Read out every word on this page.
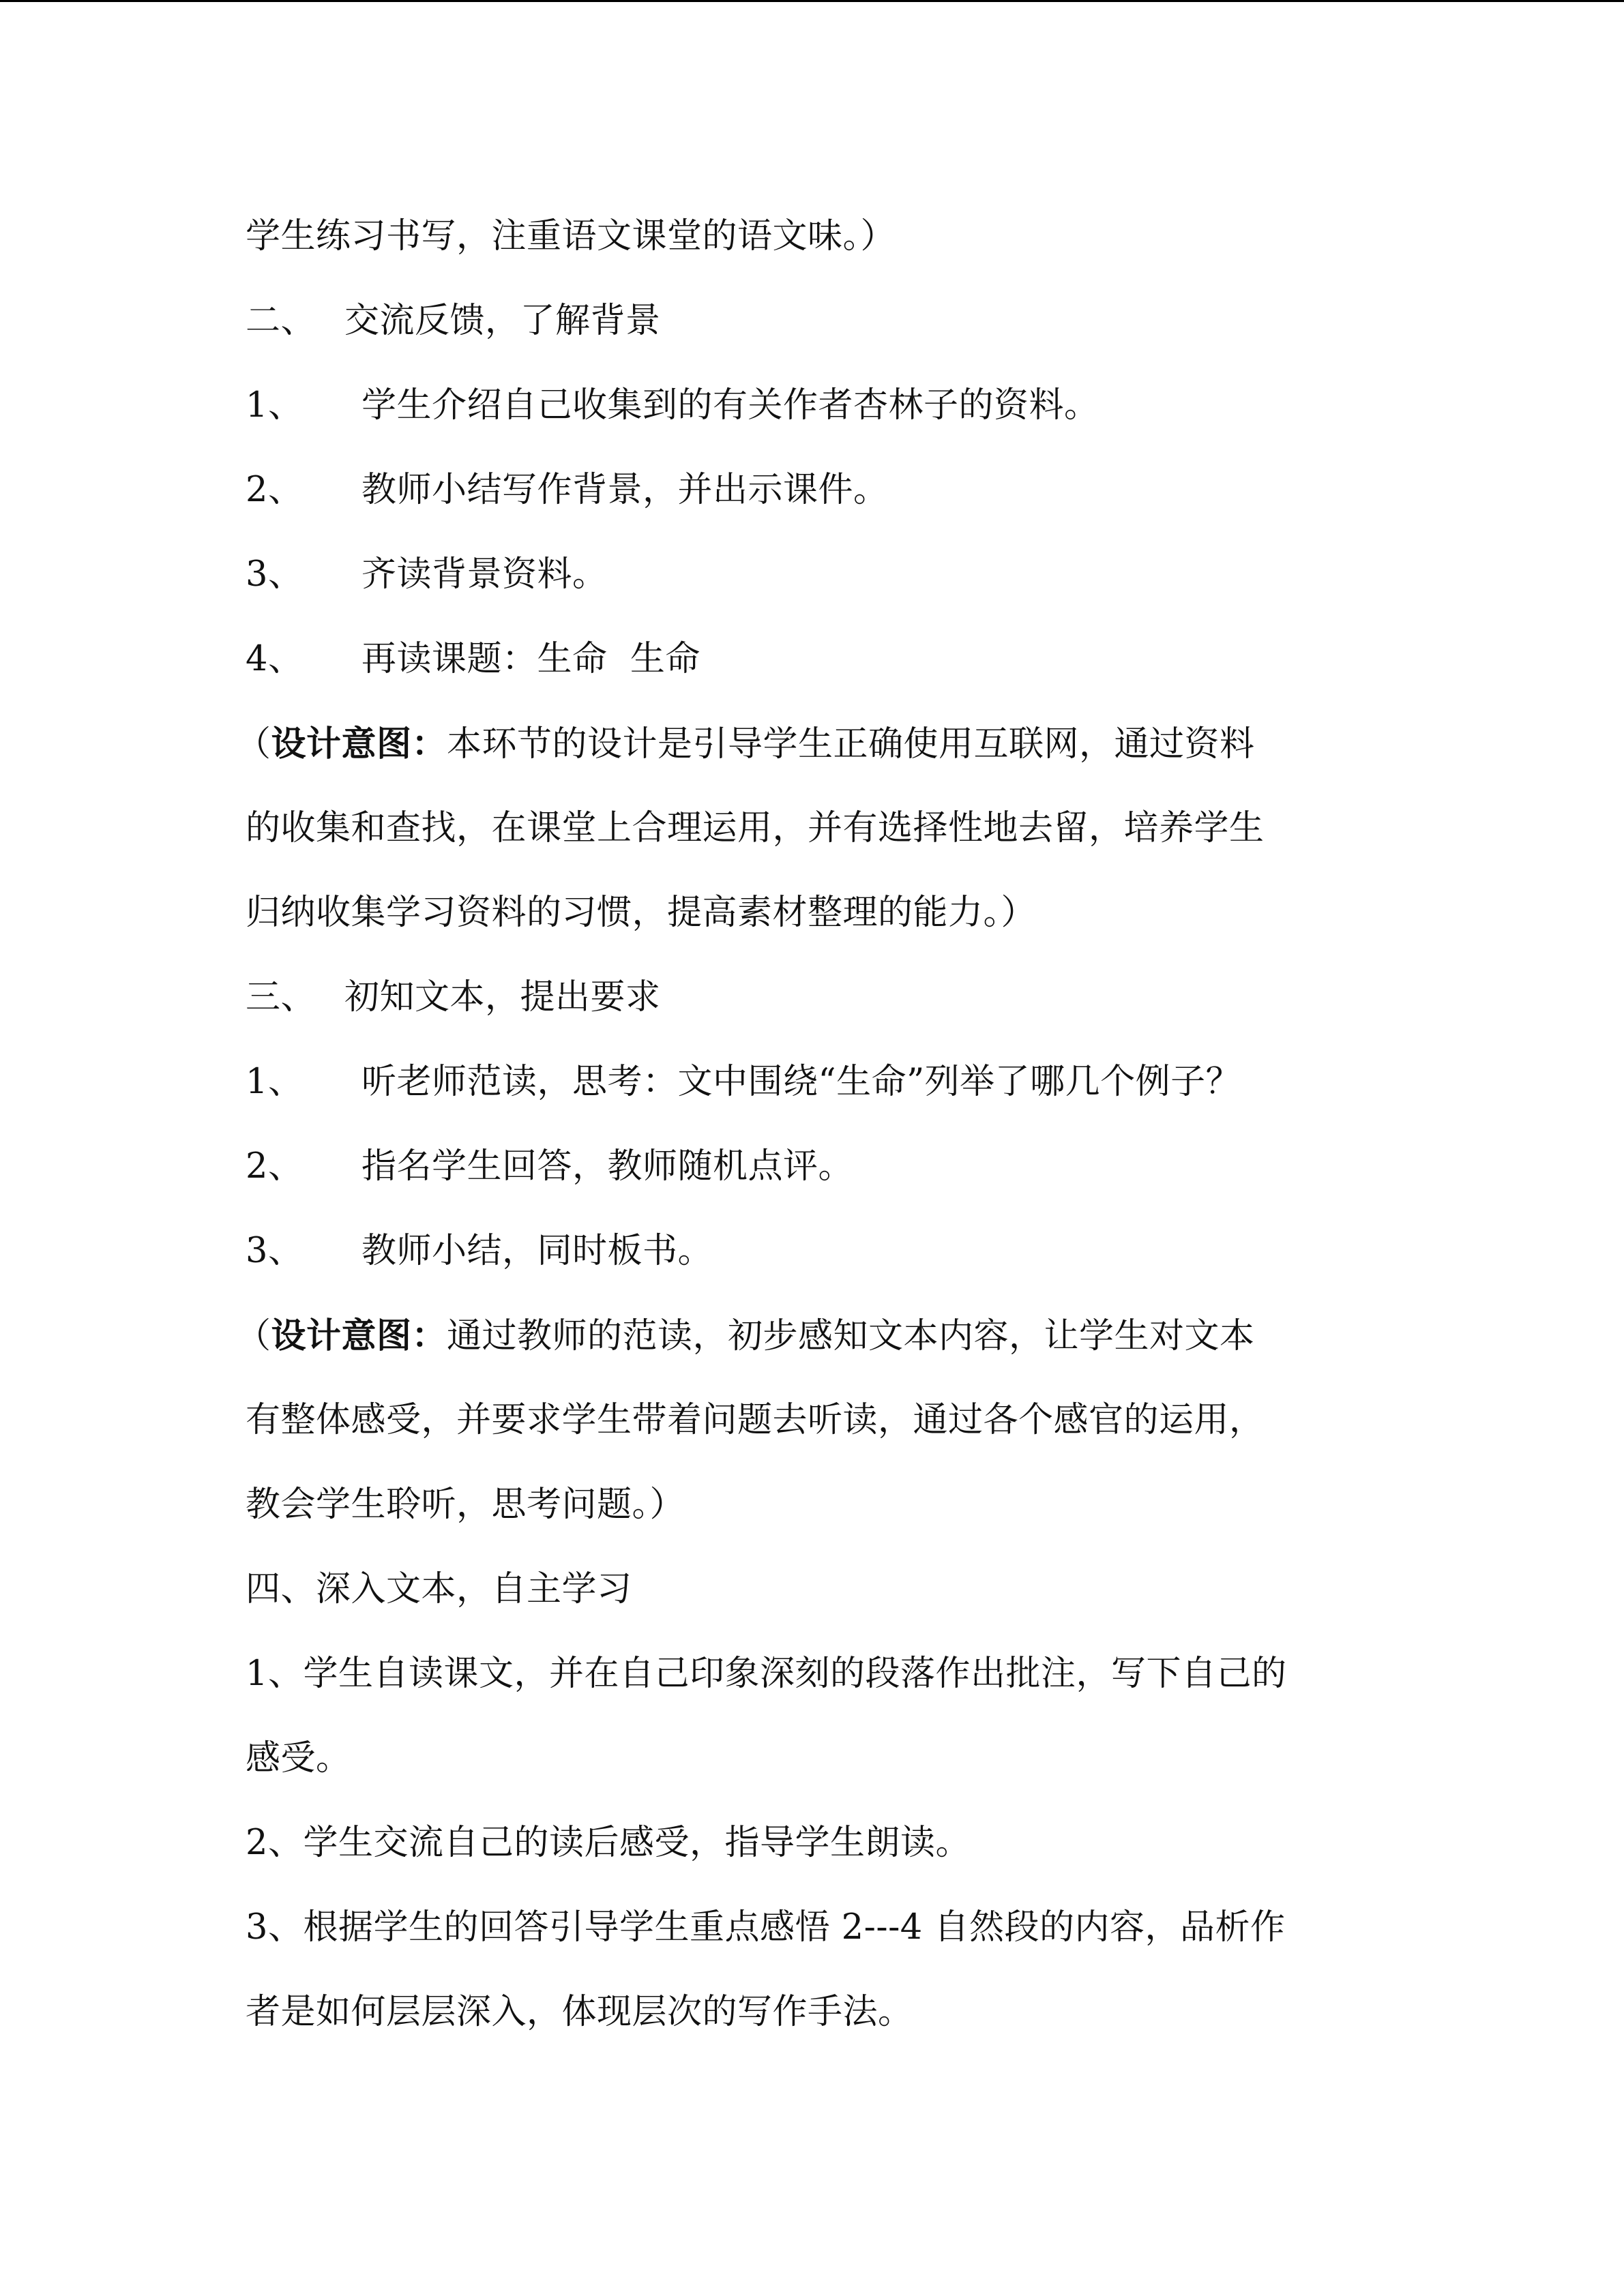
学生练习书写，注重语文课堂的语文味。）
二、 交流反馈，了解背景
1、 学生介绍自己收集到的有关作者杏林子的资料。
2、 教师小结写作背景，并出示课件。
3、 齐读背景资料。
4、 再读课题：生命  生命
（设计意图：本环节的设计是引导学生正确使用互联网，通过资料
的收集和查找，在课堂上合理运用，并有选择性地去留，培养学生
归纳收集学习资料的习惯，提高素材整理的能力。）
三、 初知文本，提出要求
1、 听老师范读，思考：文中围绕“生命”列举了哪几个例子？
2、 指名学生回答，教师随机点评。
3、 教师小结，同时板书。
（设计意图：通过教师的范读，初步感知文本内容，让学生对文本
有整体感受，并要求学生带着问题去听读，通过各个感官的运用，
教会学生聆听，思考问题。）
四、深入文本，自主学习
1、学生自读课文，并在自己印象深刻的段落作出批注，写下自己的
感受。
2、学生交流自己的读后感受，指导学生朗读。
3、根据学生的回答引导学生重点感悟 2---4 自然段的内容，品析作
者是如何层层深入，体现层次的写作手法。
